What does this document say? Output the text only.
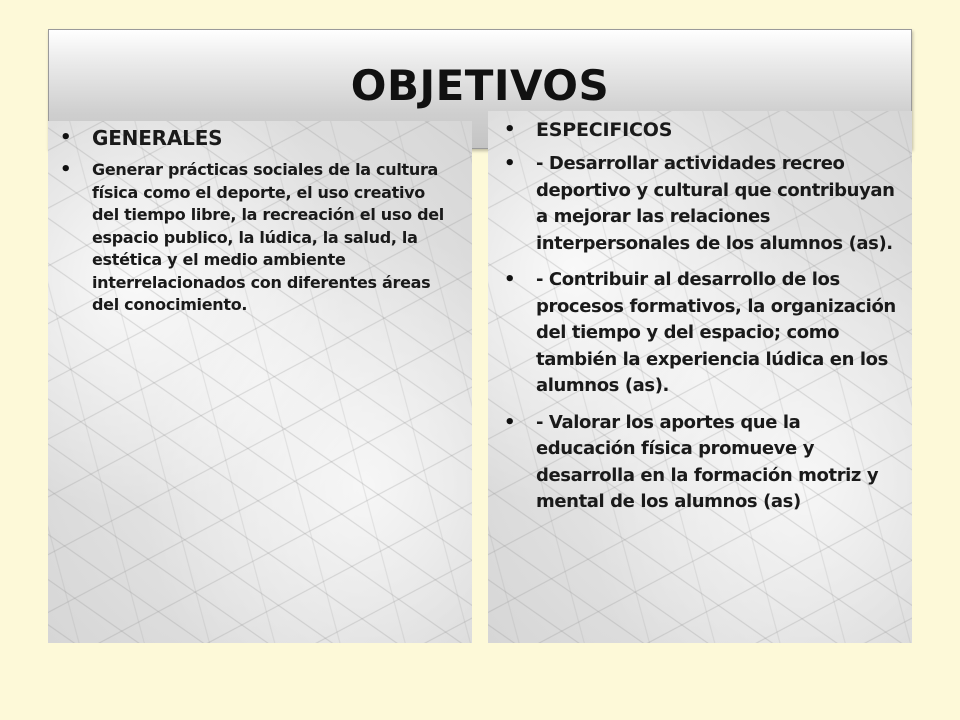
OBJETIVOS
• GENERALES
• Generar prácticas sociales de la cultura física como el deporte, el uso creativo del tiempo libre, la recreación el uso del espacio publico, la lúdica, la salud, la estética y el medio ambiente interrelacionados con diferentes áreas del conocimiento.
• ESPECIFICOS
• - Desarrollar actividades recreo deportivo y cultural que contribuyan a mejorar las relaciones interpersonales de los alumnos (as).
• - Contribuir al desarrollo de los procesos formativos, la organización del tiempo y del espacio; como también la experiencia lúdica en los alumnos (as).
• - Valorar los aportes que la educación física promueve y desarrolla en la formación motriz y mental de los alumnos (as)
